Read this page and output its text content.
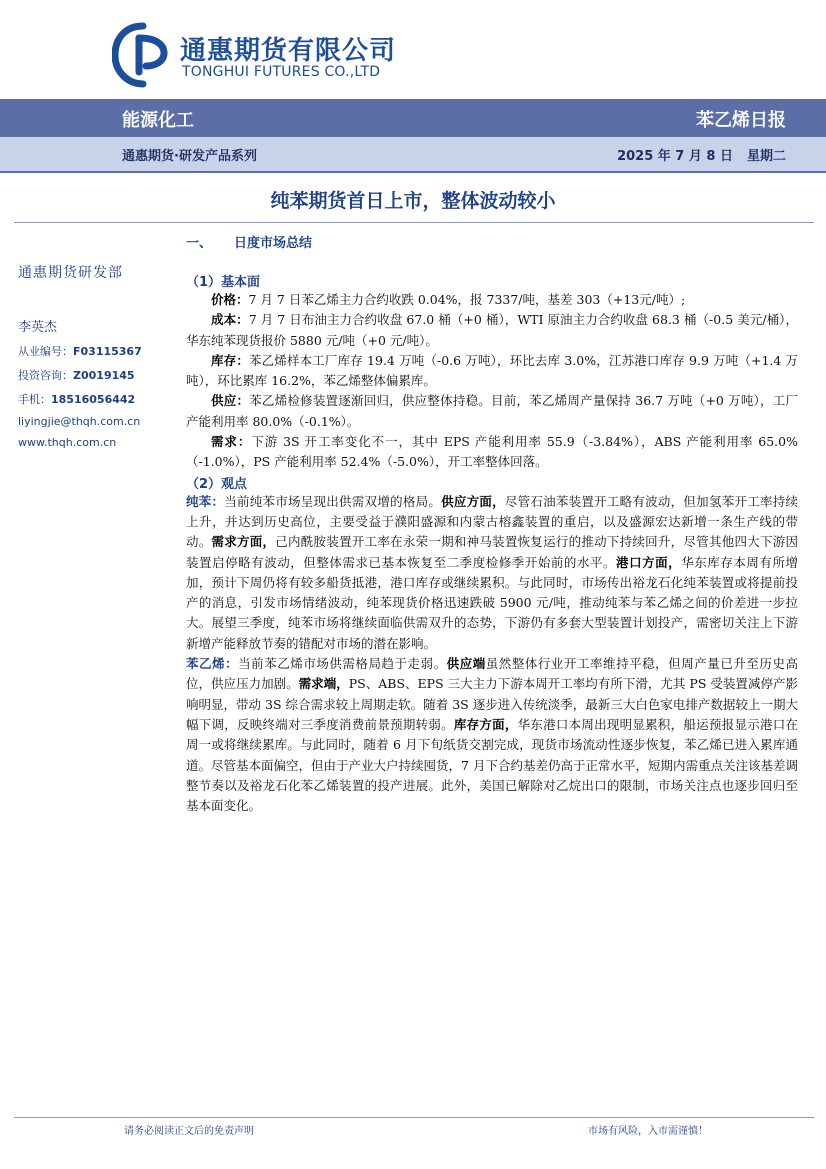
通惠期货有限公司
TONGHUI FUTURES CO.,LTD
能源化工	苯乙烯日报
通惠期货·研发产品系列	2025 年 7 月 8 日 星期二
纯苯期货首日上市，整体波动较小
通惠期货研发部
李英杰
从业编号：F03115367
投资咨询：Z0019145
手机：18516056442
liyingjie@thqh.com.cn
www.thqh.com.cn
一、 日度市场总结
（1）基本面

价格：7 月 7 日苯乙烯主力合约收跌 0.04%，报 7337/吨，基差 303（+13元/吨）;

成本：7 月 7 日布油主力合约收盘 67.0 桶（+0 桶），WTI 原油主力合约收盘 68.3 桶（-0.5 美元/桶），华东纯苯现货报价 5880 元/吨（+0 元/吨）。

库存：苯乙烯样本工厂库存 19.4 万吨（-0.6 万吨），环比去库 3.0%，江苏港口库存 9.9 万吨（+1.4 万吨），环比累库 16.2%，苯乙烯整体偏累库。

供应：苯乙烯检修装置逐渐回归，供应整体持稳。目前，苯乙烯周产量保持 36.7 万吨（+0 万吨），工厂产能利用率 80.0%（-0.1%）。

需求：下游 3S 开工率变化不一，其中 EPS 产能利用率 55.9（-3.84%），ABS 产能利用率 65.0%（-1.0%），PS 产能利用率 52.4%（-5.0%），开工率整体回落。

（2）观点

纯苯：当前纯苯市场呈现出供需双增的格局。供应方面，尽管石油苯装置开工略有波动，但加氢苯开工率持续上升，并达到历史高位，主要受益于濮阳盛源和内蒙古榕鑫装置的重启，以及盛源宏达新增一条生产线的带动。需求方面，己内酰胺装置开工率在永荣一期和神马装置恢复运行的推动下持续回升，尽管其他四大下游因装置启停略有波动，但整体需求已基本恢复至二季度检修季开始前的水平。港口方面，华东库存本周有所增加，预计下周仍将有较多船货抵港，港口库存或继续累积。与此同时，市场传出裕龙石化纯苯装置或将提前投产的消息，引发市场情绪波动，纯苯现货价格迅速跌破 5900 元/吨，推动纯苯与苯乙烯之间的价差进一步拉大。展望三季度，纯苯市场将继续面临供需双升的态势，下游仍有多套大型装置计划投产，需密切关注上下游新增产能释放节奏的错配对市场的潜在影响。

苯乙烯：当前苯乙烯市场供需格局趋于走弱。供应端虽然整体行业开工率维持平稳，但周产量已升至历史高位，供应压力加剧。需求端，PS、ABS、EPS 三大主力下游本周开工率均有所下滑，尤其 PS 受装置减停产影响明显，带动 3S 综合需求较上周期走软。随着 3S 逐步进入传统淡季，最新三大白色家电排产数据较上一期大幅下调，反映终端对三季度消费前景预期转弱。库存方面，华东港口本周出现明显累积，船运预报显示港口在周一或将继续累库。与此同时，随着 6 月下旬纸货交割完成，现货市场流动性逐步恢复，苯乙烯已进入累库通道。尽管基本面偏空，但由于产业大户持续囤货，7 月下合约基差仍高于正常水平，短期内需重点关注该基差调整节奏以及裕龙石化苯乙烯装置的投产进展。此外，美国已解除对乙烷出口的限制，市场关注点也逐步回归至基本面变化。

请务必阅读正文后的免责声明	市场有风险，入市需谨慎！
